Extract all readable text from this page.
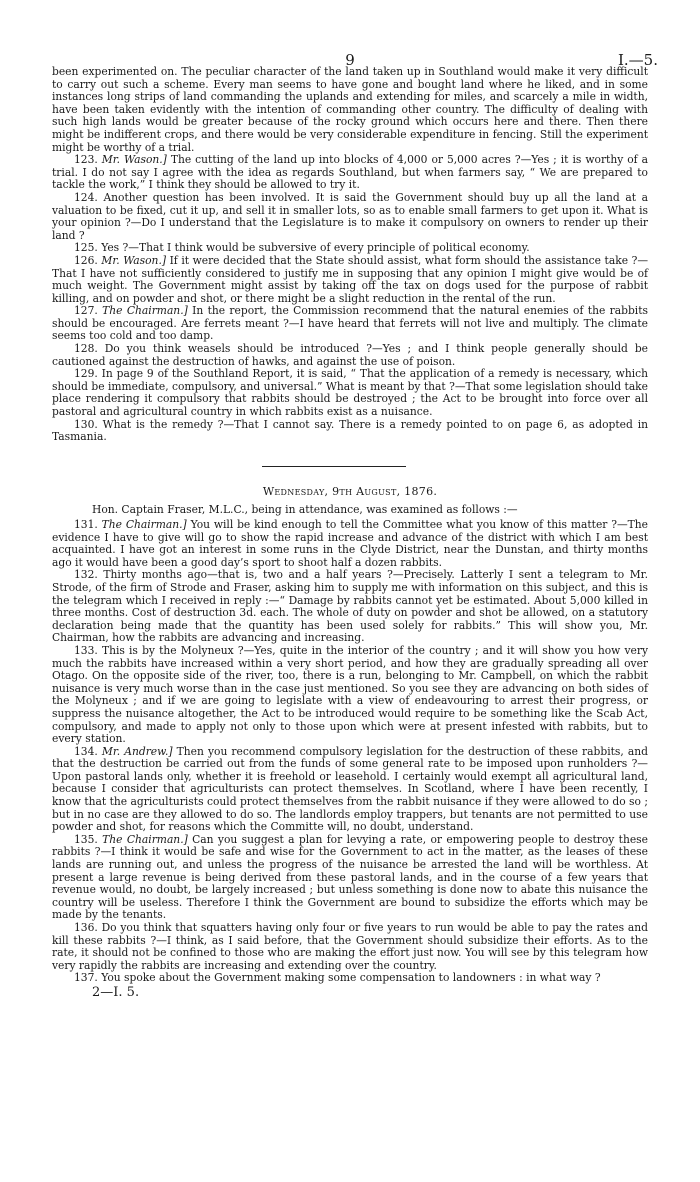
9	I.—5.

been experimented on. The peculiar character of the land taken up in Southland would make it very difficult to carry out such a scheme. Every man seems to have gone and bought land where he liked, and in some instances long strips of land commanding the uplands and extending for miles, and scarcely a mile in width, have been taken evidently with the intention of commanding other country. The difficulty of dealing with such high lands would be greater because of the rocky ground which occurs here and there. Then there might be indifferent crops, and there would be very considerable expenditure in fencing. Still the experiment might be worthy of a trial.

123. Mr. Wason.] The cutting of the land up into blocks of 4,000 or 5,000 acres ?—Yes ; it is worthy of a trial. I do not say I agree with the idea as regards Southland, but when farmers say, “ We are prepared to tackle the work,” I think they should be allowed to try it.

124. Another question has been involved. It is said the Government should buy up all the land at a valuation to be fixed, cut it up, and sell it in smaller lots, so as to enable small farmers to get upon it. What is your opinion ?—Do I understand that the Legislature is to make it compulsory on owners to render up their land ?

125. Yes ?—That I think would be subversive of every principle of political economy.

126. Mr. Wason.] If it were decided that the State should assist, what form should the assistance take ?—That I have not sufficiently considered to justify me in supposing that any opinion I might give would be of much weight. The Government might assist by taking off the tax on dogs used for the purpose of rabbit killing, and on powder and shot, or there might be a slight reduction in the rental of the run.

127. The Chairman.] In the report, the Commission recommend that the natural enemies of the rabbits should be encouraged. Are ferrets meant ?—I have heard that ferrets will not live and multiply. The climate seems too cold and too damp.

128. Do you think weasels should be introduced ?—Yes ; and I think people generally should be cautioned against the destruction of hawks, and against the use of poison.

129. In page 9 of the Southland Report, it is said, “ That the application of a remedy is necessary, which should be immediate, compulsory, and universal.” What is meant by that ?—That some legislation should take place rendering it compulsory that rabbits should be destroyed ; the Act to be brought into force over all pastoral and agricultural country in which rabbits exist as a nuisance.

130. What is the remedy ?—That I cannot say. There is a remedy pointed to on page 6, as adopted in Tasmania.

Wednesday, 9th August, 1876.

Hon. Captain Fraser, M.L.C., being in attendance, was examined as follows :—

131. The Chairman.] You will be kind enough to tell the Committee what you know of this matter ?—The evidence I have to give will go to show the rapid increase and advance of the district with which I am best acquainted. I have got an interest in some runs in the Clyde District, near the Dunstan, and thirty months ago it would have been a good day’s sport to shoot half a dozen rabbits.

132. Thirty months ago—that is, two and a half years ?—Precisely. Latterly I sent a telegram to Mr. Strode, of the firm of Strode and Fraser, asking him to supply me with information on this subject, and this is the telegram which I received in reply :—“ Damage by rabbits cannot yet be estimated. About 5,000 killed in three months. Cost of destruction 3d. each. The whole of duty on powder and shot be allowed, on a statutory declaration being made that the quantity has been used solely for rabbits.” This will show you, Mr. Chairman, how the rabbits are advancing and increasing.

133. This is by the Molyneux ?—Yes, quite in the interior of the country ; and it will show you how very much the rabbits have increased within a very short period, and how they are gradually spreading all over Otago. On the opposite side of the river, too, there is a run, belonging to Mr. Campbell, on which the rabbit nuisance is very much worse than in the case just mentioned. So you see they are advancing on both sides of the Molyneux ; and if we are going to legislate with a view of endeavouring to arrest their progress, or suppress the nuisance altogether, the Act to be introduced would require to be something like the Scab Act, compulsory, and made to apply not only to those upon which were at present infested with rabbits, but to every station.

134. Mr. Andrew.] Then you recommend compulsory legislation for the destruction of these rabbits, and that the destruction be carried out from the funds of some general rate to be imposed upon runholders ?—Upon pastoral lands only, whether it is freehold or leasehold. I certainly would exempt all agricultural land, because I consider that agriculturists can protect themselves. In Scotland, where I have been recently, I know that the agriculturists could protect themselves from the rabbit nuisance if they were allowed to do so ; but in no case are they allowed to do so. The landlords employ trappers, but tenants are not permitted to use powder and shot, for reasons which the Committe will, no doubt, understand.

135. The Chairman.] Can you suggest a plan for levying a rate, or empowering people to destroy these rabbits ?—I think it would be safe and wise for the Government to act in the matter, as the leases of these lands are running out, and unless the progress of the nuisance be arrested the land will be worthless. At present a large revenue is being derived from these pastoral lands, and in the course of a few years that revenue would, no doubt, be largely increased ; but unless something is done now to abate this nuisance the country will be useless. Therefore I think the Government are bound to subsidize the efforts which may be made by the tenants.

136. Do you think that squatters having only four or five years to run would be able to pay the rates and kill these rabbits ?—I think, as I said before, that the Government should subsidize their efforts. As to the rate, it should not be confined to those who are making the effort just now. You will see by this telegram how very rapidly the rabbits are increasing and extending over the country.

137. You spoke about the Government making some compensation to landowners : in what way ?

2—I. 5.
